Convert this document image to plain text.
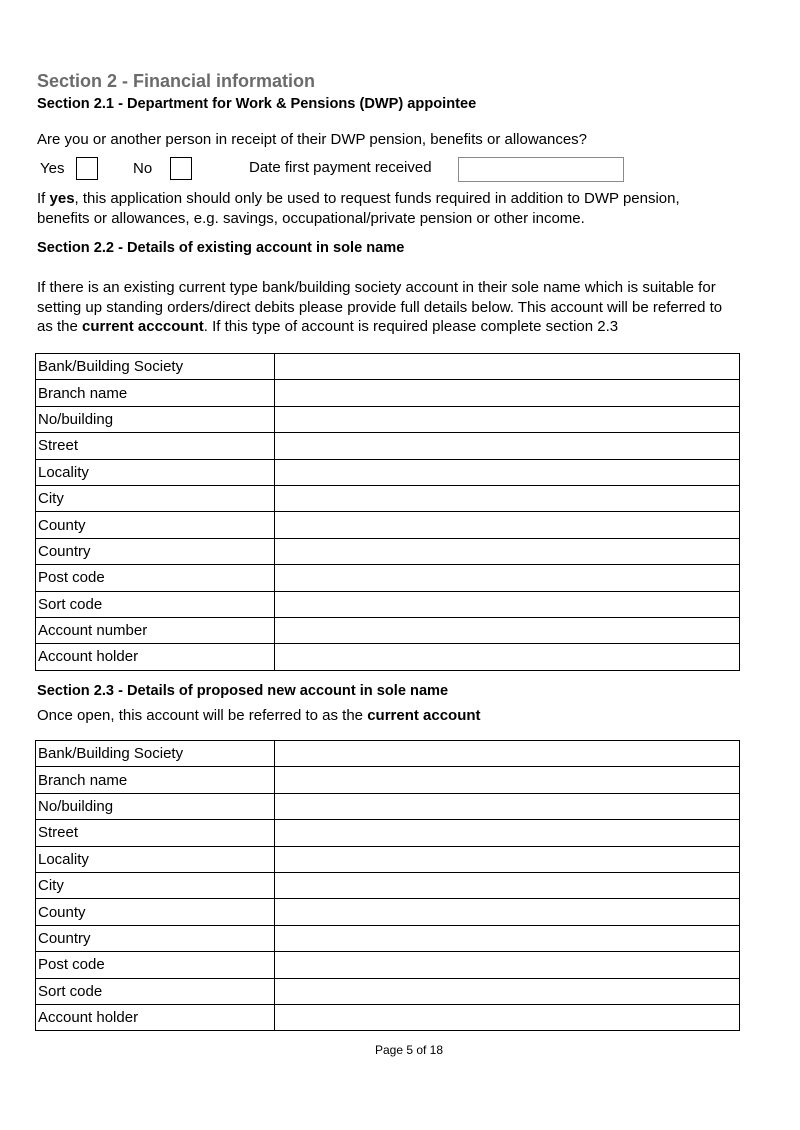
Section 2 - Financial information
Section 2.1 - Department for Work & Pensions (DWP) appointee
Are you or another person in receipt of their DWP pension, benefits or allowances?
Yes	No	Date first payment received
If yes, this application should only be used to request funds required in addition to DWP pension,
benefits or allowances, e.g. savings, occupational/private pension or other income.
Section 2.2 - Details of existing account in sole name
If there is an existing current type bank/building society account in their sole name which is suitable for
setting up standing orders/direct debits please provide full details below. This account will be referred to
as the current acccount. If this type of account is required please complete section 2.3
Bank/Building Society	
Branch name	
No/building	
Street	
Locality	
City	
County	
Country	
Post code	
Sort code	
Account number	
Account holder	
Section 2.3 - Details of proposed new account in sole name
Once open, this account will be referred to as the current account
Bank/Building Society	
Branch name	
No/building	
Street	
Locality	
City	
County	
Country	
Post code	
Sort code	
Account holder	
Page 5 of 18
